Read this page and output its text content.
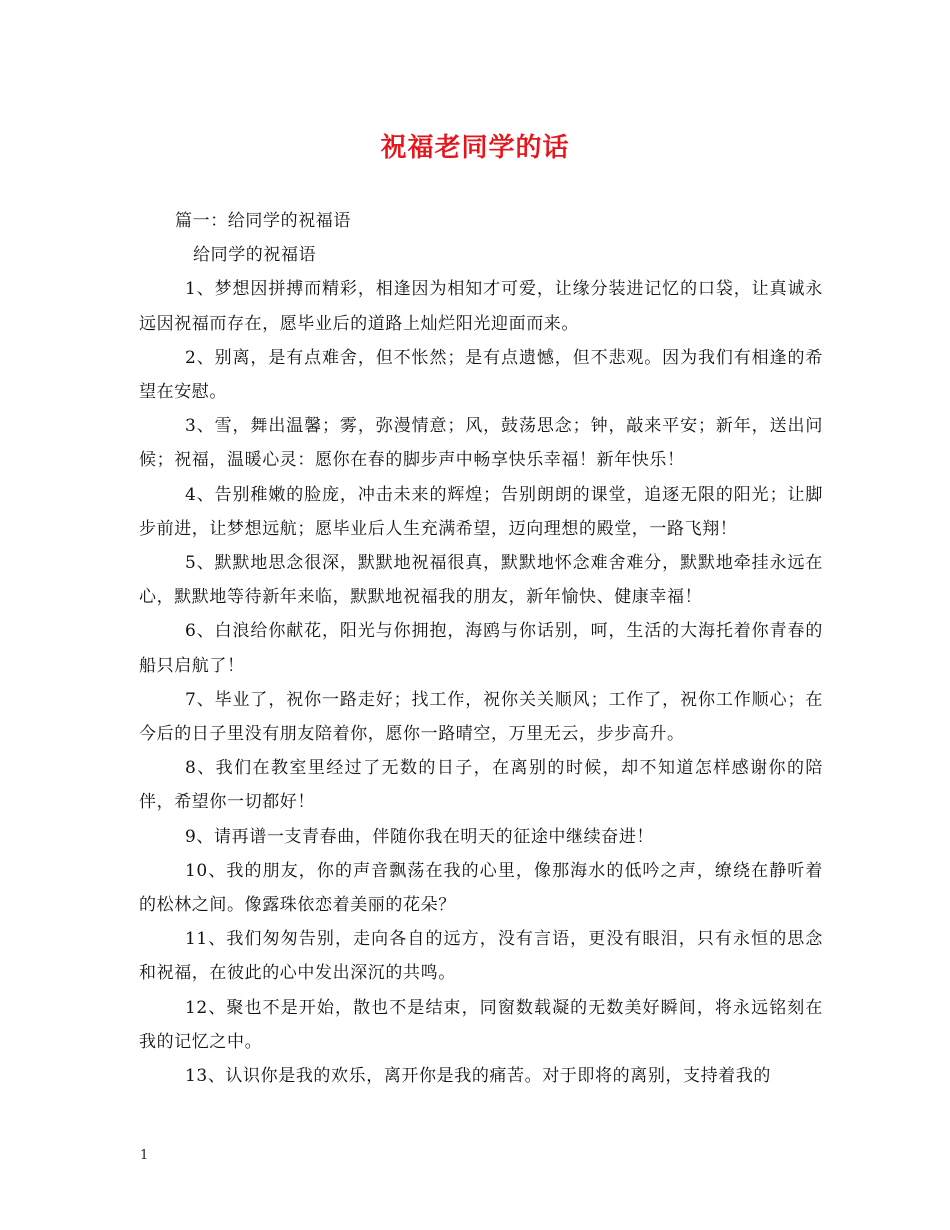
祝福老同学的话

篇一：给同学的祝福语

给同学的祝福语

1、梦想因拼搏而精彩，相逢因为相知才可爱，让缘分装进记忆的口袋，让真诚永远因祝福而存在，愿毕业后的道路上灿烂阳光迎面而来。

2、别离，是有点难舍，但不怅然；是有点遗憾，但不悲观。因为我们有相逢的希望在安慰。

3、雪，舞出温馨；雾，弥漫情意；风，鼓荡思念；钟，敲来平安；新年，送出问候；祝福，温暖心灵：愿你在春的脚步声中畅享快乐幸福！新年快乐！

4、告别稚嫩的脸庞，冲击未来的辉煌；告别朗朗的课堂，追逐无限的阳光；让脚步前进，让梦想远航；愿毕业后人生充满希望，迈向理想的殿堂，一路飞翔！

5、默默地思念很深，默默地祝福很真，默默地怀念难舍难分，默默地牵挂永远在心，默默地等待新年来临，默默地祝福我的朋友，新年愉快、健康幸福！

6、白浪给你献花，阳光与你拥抱，海鸥与你话别，呵，生活的大海托着你青春的船只启航了！

7、毕业了，祝你一路走好；找工作，祝你关关顺风；工作了，祝你工作顺心；在今后的日子里没有朋友陪着你，愿你一路晴空，万里无云，步步高升。

8、我们在教室里经过了无数的日子，在离别的时候，却不知道怎样感谢你的陪伴，希望你一切都好！

9、请再谱一支青春曲，伴随你我在明天的征途中继续奋进！

10、我的朋友，你的声音飘荡在我的心里，像那海水的低吟之声，缭绕在静听着的松林之间。像露珠依恋着美丽的花朵？

11、我们匆匆告别，走向各自的远方，没有言语，更没有眼泪，只有永恒的思念和祝福，在彼此的心中发出深沉的共鸣。

12、聚也不是开始，散也不是结束，同窗数载凝的无数美好瞬间，将永远铭刻在我的记忆之中。

13、认识你是我的欢乐，离开你是我的痛苦。对于即将的离别，支持着我的

1
